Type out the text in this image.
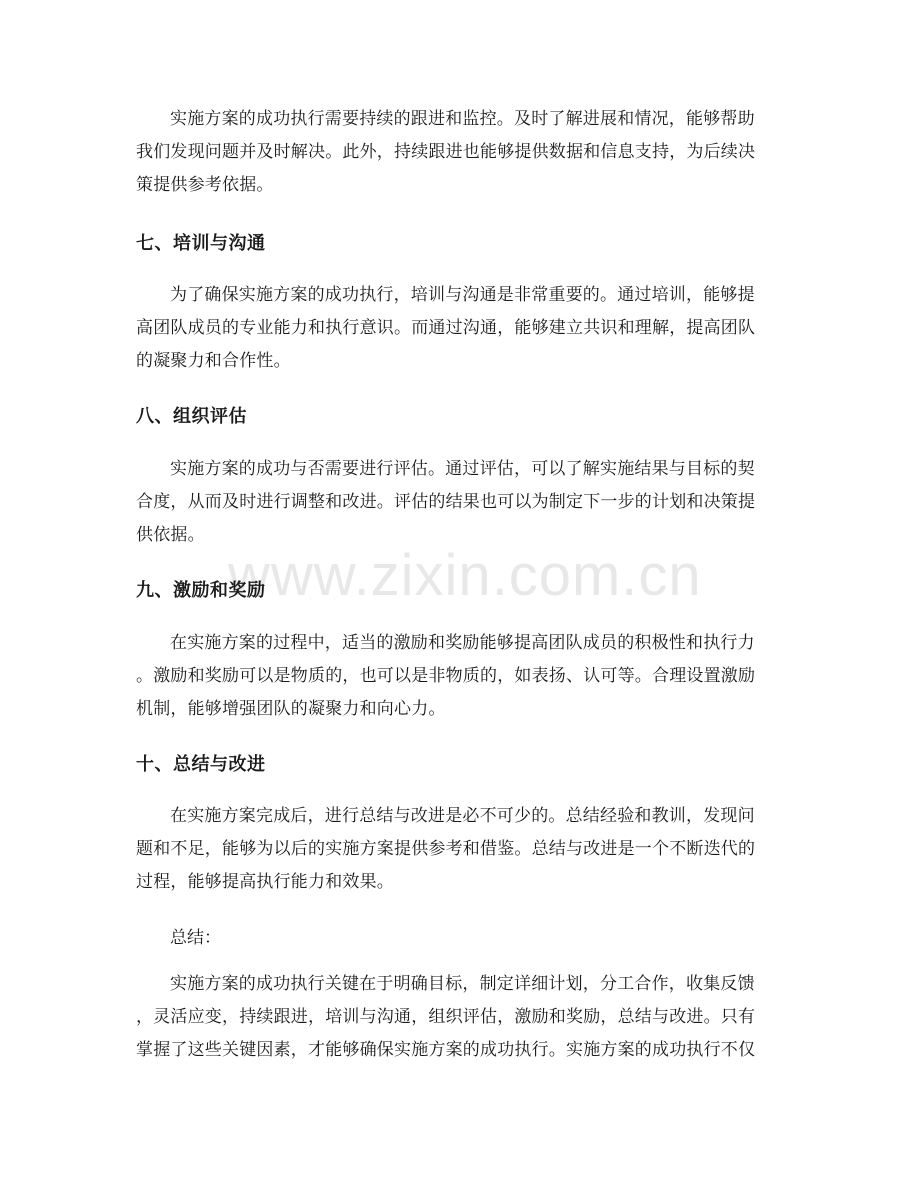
www.zixin.com.cn

实施方案的成功执行需要持续的跟进和监控。及时了解进展和情况，能够帮助
我们发现问题并及时解决。此外，持续跟进也能够提供数据和信息支持，为后续决
策提供参考依据。

七、培训与沟通

为了确保实施方案的成功执行，培训与沟通是非常重要的。通过培训，能够提
高团队成员的专业能力和执行意识。而通过沟通，能够建立共识和理解，提高团队
的凝聚力和合作性。

八、组织评估

实施方案的成功与否需要进行评估。通过评估，可以了解实施结果与目标的契
合度，从而及时进行调整和改进。评估的结果也可以为制定下一步的计划和决策提
供依据。

九、激励和奖励

在实施方案的过程中，适当的激励和奖励能够提高团队成员的积极性和执行力
。激励和奖励可以是物质的，也可以是非物质的，如表扬、认可等。合理设置激励
机制，能够增强团队的凝聚力和向心力。

十、总结与改进

在实施方案完成后，进行总结与改进是必不可少的。总结经验和教训，发现问
题和不足，能够为以后的实施方案提供参考和借鉴。总结与改进是一个不断迭代的
过程，能够提高执行能力和效果。

总结：

实施方案的成功执行关键在于明确目标，制定详细计划，分工合作，收集反馈
，灵活应变，持续跟进，培训与沟通，组织评估，激励和奖励，总结与改进。只有
掌握了这些关键因素，才能够确保实施方案的成功执行。实施方案的成功执行不仅
